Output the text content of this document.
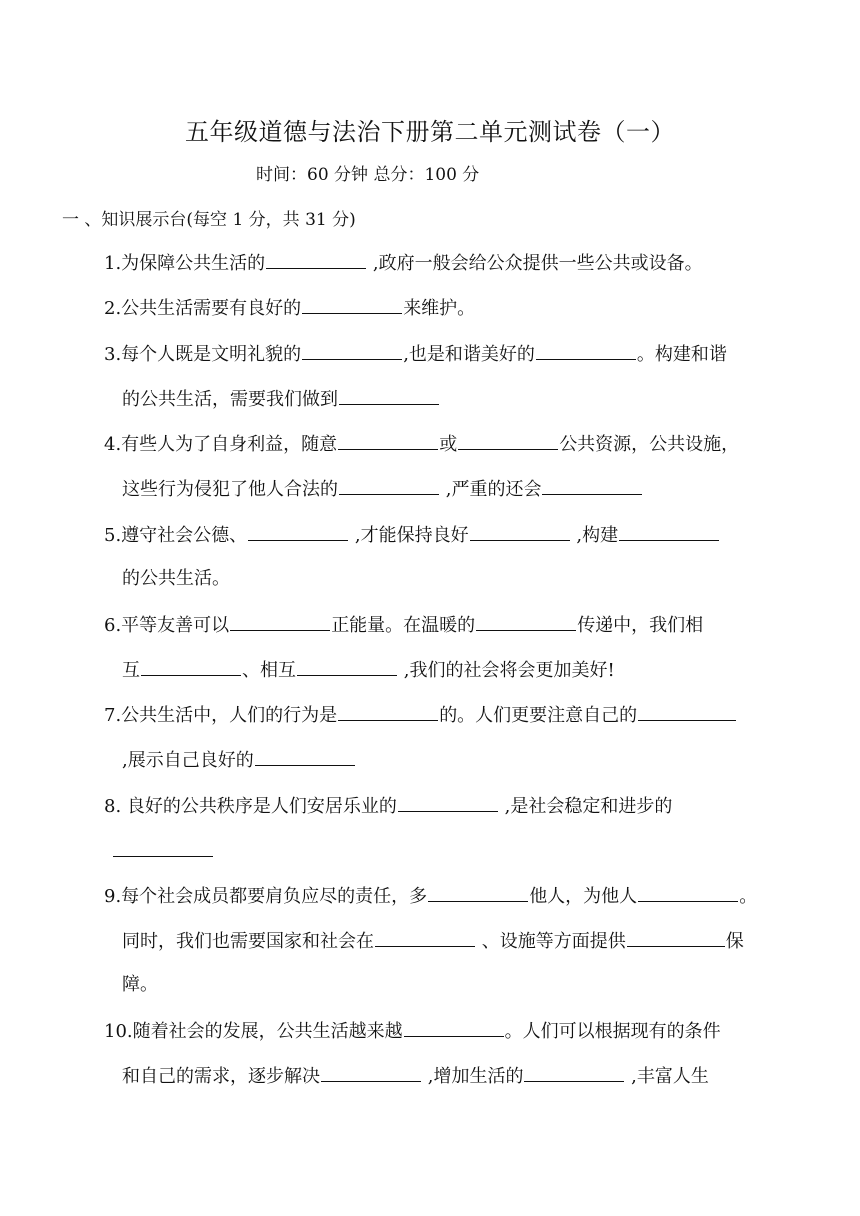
五年级道德与法治下册第二单元测试卷（一）
时间：60 分钟 总分：100 分
一 、知识展示台(每空 1 分，共 31 分)
1.为保障公共生活的	,政府一般会给公众提供一些公共或设备。
2.公共生活需要有良好的	来维护。
3.每个人既是文明礼貌的	,也是和谐美好的	。构建和谐
的公共生活，需要我们做到
4.有些人为了自身利益，随意	或	公共资源，公共设施，
这些行为侵犯了他人合法的	,严重的还会
5.遵守社会公德、	,才能保持良好	,构建
的公共生活。
6.平等友善可以	正能量。在温暖的	传递中，我们相
互	、相互	,我们的社会将会更加美好!
7.公共生活中，人们的行为是	的。人们更要注意自己的
,展示自己良好的
8. 良好的公共秩序是人们安居乐业的	,是社会稳定和进步的
9.每个社会成员都要肩负应尽的责任，多	他人，为他人	。
同时，我们也需要国家和社会在	、设施等方面提供	保
障。
10.随着社会的发展，公共生活越来越	。人们可以根据现有的条件
和自己的需求，逐步解决	,增加生活的	,丰富人生
